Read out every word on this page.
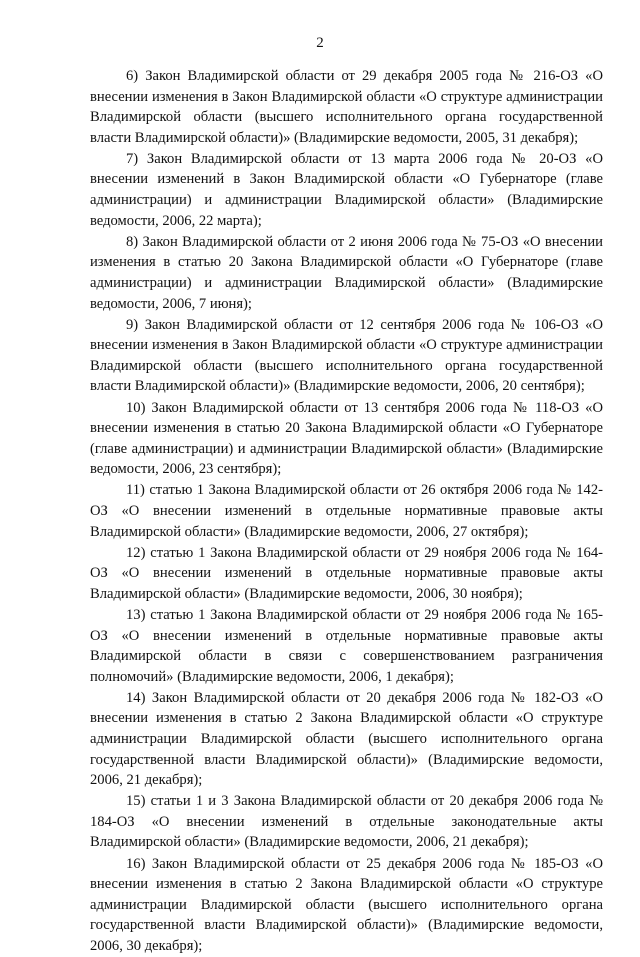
2

6) Закон Владимирской области от 29 декабря 2005 года № 216-ОЗ «О внесении изменения в Закон Владимирской области «О структуре администрации Владимирской области (высшего исполнительного органа государственной власти Владимирской области)» (Владимирские ведомости, 2005, 31 декабря);

7) Закон Владимирской области от 13 марта 2006 года № 20-ОЗ «О внесении изменений в Закон Владимирской области «О Губернаторе (главе администрации) и администрации Владимирской области» (Владимирские ведомости, 2006, 22 марта);

8) Закон Владимирской области от 2 июня 2006 года № 75-ОЗ «О внесении изменения в статью 20 Закона Владимирской области «О Губернаторе (главе администрации) и администрации Владимирской области» (Владимирские ведомости, 2006, 7 июня);

9) Закон Владимирской области от 12 сентября 2006 года № 106-ОЗ «О внесении изменения в Закон Владимирской области «О структуре администрации Владимирской области (высшего исполнительного органа государственной власти Владимирской области)» (Владимирские ведомости, 2006, 20 сентября);

10) Закон Владимирской области от 13 сентября 2006 года № 118-ОЗ «О внесении изменения в статью 20 Закона Владимирской области «О Губернаторе (главе администрации) и администрации Владимирской области» (Владимирские ведомости, 2006, 23 сентября);

11) статью 1 Закона Владимирской области от 26 октября 2006 года № 142-ОЗ «О внесении изменений в отдельные нормативные правовые акты Владимирской области» (Владимирские ведомости, 2006, 27 октября);

12) статью 1 Закона Владимирской области от 29 ноября 2006 года № 164-ОЗ «О внесении изменений в отдельные нормативные правовые акты Владимирской области» (Владимирские ведомости, 2006, 30 ноября);

13) статью 1 Закона Владимирской области от 29 ноября 2006 года № 165-ОЗ «О внесении изменений в отдельные нормативные правовые акты Владимирской области в связи с совершенствованием разграничения полномочий» (Владимирские ведомости, 2006, 1 декабря);

14) Закон Владимирской области от 20 декабря 2006 года № 182-ОЗ «О внесении изменения в статью 2 Закона Владимирской области «О структуре администрации Владимирской области (высшего исполнительного органа государственной власти Владимирской области)» (Владимирские ведомости, 2006, 21 декабря);

15) статьи 1 и 3 Закона Владимирской области от 20 декабря 2006 года № 184-ОЗ «О внесении изменений в отдельные законодательные акты Владимирской области» (Владимирские ведомости, 2006, 21 декабря);

16) Закон Владимирской области от 25 декабря 2006 года № 185-ОЗ «О внесении изменения в статью 2 Закона Владимирской области «О структуре администрации Владимирской области (высшего исполнительного органа государственной власти Владимирской области)» (Владимирские ведомости, 2006, 30 декабря);
